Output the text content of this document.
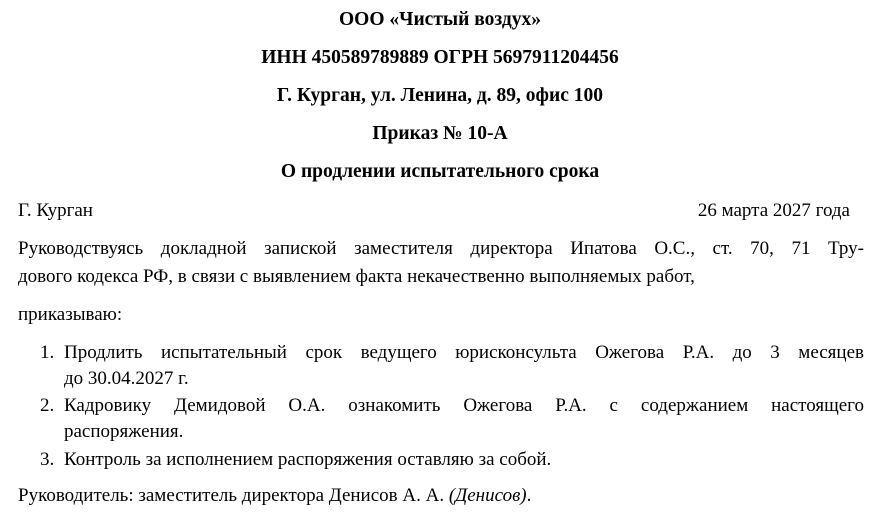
ООО «Чистый воздух»
ИНН 450589789889 ОГРН 5697911204456
Г. Курган, ул. Ленина, д. 89, офис 100
Приказ № 10-А
О продлении испытательного срока
Г. Курган	26 марта 2027 года
Руководствуясь докладной запиской заместителя директора Ипатова О.С., ст. 70, 71 Тру-
дового кодекса РФ, в связи с выявлением факта некачественно выполняемых работ,
приказываю:
1. Продлить испытательный срок ведущего юрисконсульта Ожегова Р.А. до 3 месяцев
до 30.04.2027 г.
2. Кадровику Демидовой О.А. ознакомить Ожегова Р.А. с содержанием настоящего
распоряжения.
3. Контроль за исполнением распоряжения оставляю за собой.
Руководитель: заместитель директора Денисов А. А. (Денисов).
